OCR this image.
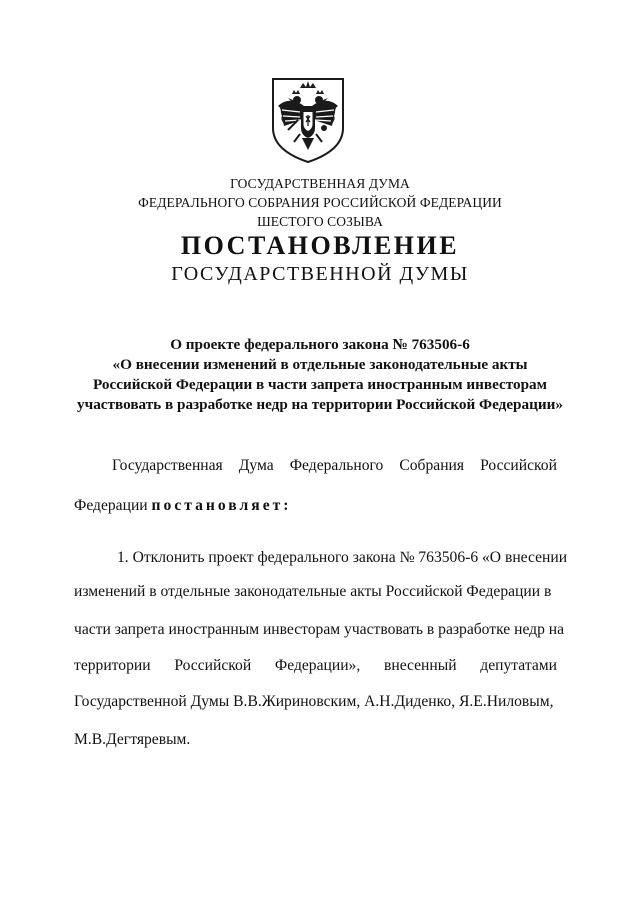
ГОСУДАРСТВЕННАЯ ДУМА
ФЕДЕРАЛЬНОГО СОБРАНИЯ РОССИЙСКОЙ ФЕДЕРАЦИИ
ШЕСТОГО СОЗЫВА
ПОСТАНОВЛЕНИЕ
ГОСУДАРСТВЕННОЙ ДУМЫ
О проекте федерального закона № 763506-6
«О внесении изменений в отдельные законодательные акты
Российской Федерации в части запрета иностранным инвесторам
участвовать в разработке недр на территории Российской Федерации»
Государственная Дума Федерального Собрания Российской
Федерации постановляет:
1. Отклонить проект федерального закона № 763506-6 «О внесении
изменений в отдельные законодательные акты Российской Федерации в
части запрета иностранным инвесторам участвовать в разработке недр на
территории Российской Федерации», внесенный депутатами
Государственной Думы В.В.Жириновским, А.Н.Диденко, Я.Е.Ниловым,
М.В.Дегтяревым.
